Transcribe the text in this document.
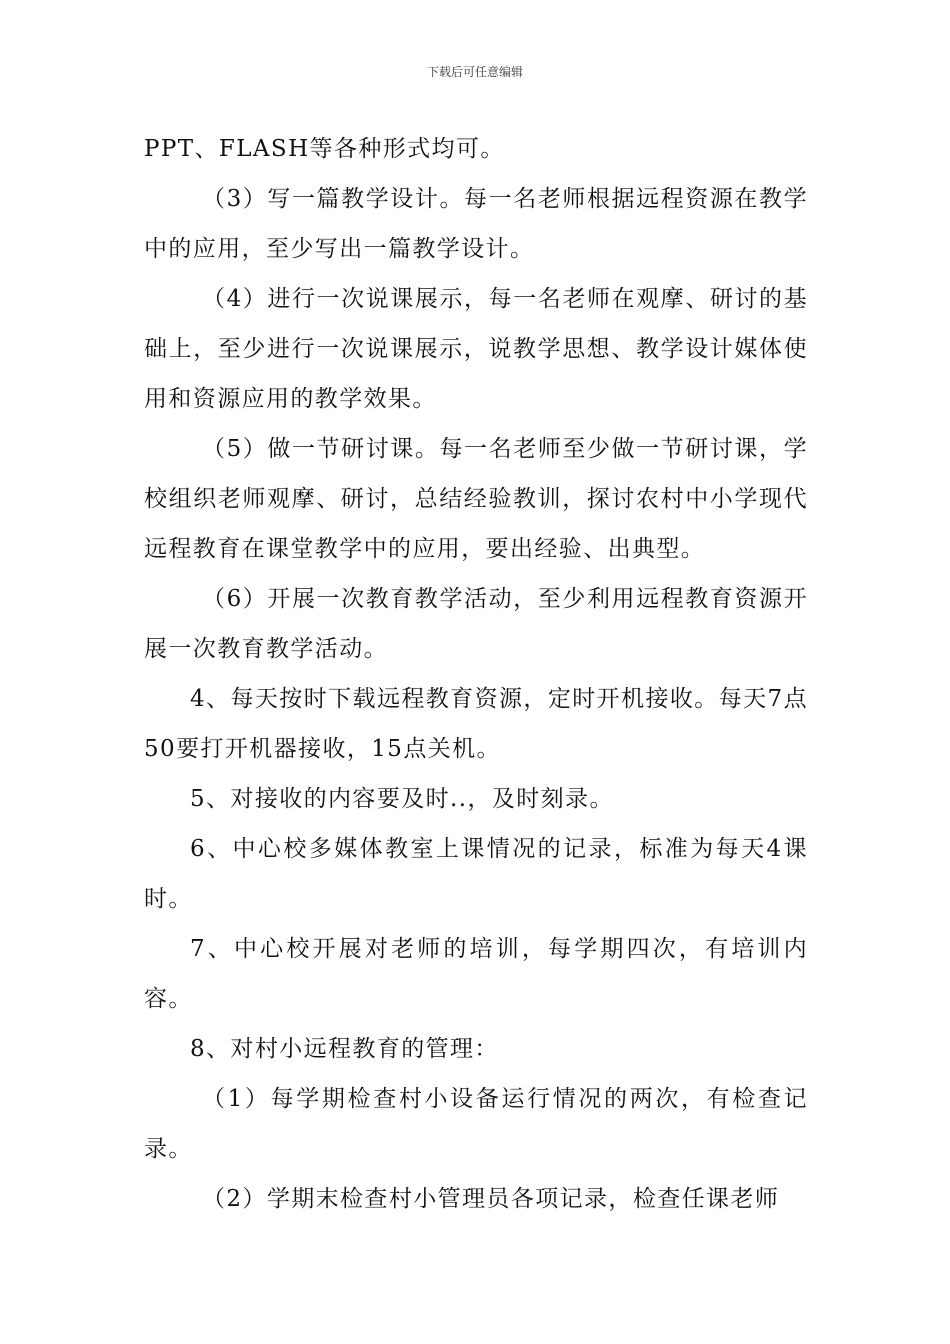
下载后可任意编辑

PPT、FLASH等各种形式均可。

（3）写一篇教学设计。每一名老师根据远程资源在教学中的应用，至少写出一篇教学设计。

（4）进行一次说课展示，每一名老师在观摩、研讨的基础上，至少进行一次说课展示，说教学思想、教学设计媒体使用和资源应用的教学效果。

（5）做一节研讨课。每一名老师至少做一节研讨课，学校组织老师观摩、研讨，总结经验教训，探讨农村中小学现代远程教育在课堂教学中的应用，要出经验、出典型。

（6）开展一次教育教学活动，至少利用远程教育资源开展一次教育教学活动。

4、每天按时下载远程教育资源，定时开机接收。每天7点50要打开机器接收，15点关机。

5、对接收的内容要及时..，及时刻录。

6、中心校多媒体教室上课情况的记录，标准为每天4课时。

7、中心校开展对老师的培训，每学期四次，有培训内容。

8、对村小远程教育的管理：

（1）每学期检查村小设备运行情况的两次，有检查记录。

（2）学期末检查村小管理员各项记录，检查任课老师
